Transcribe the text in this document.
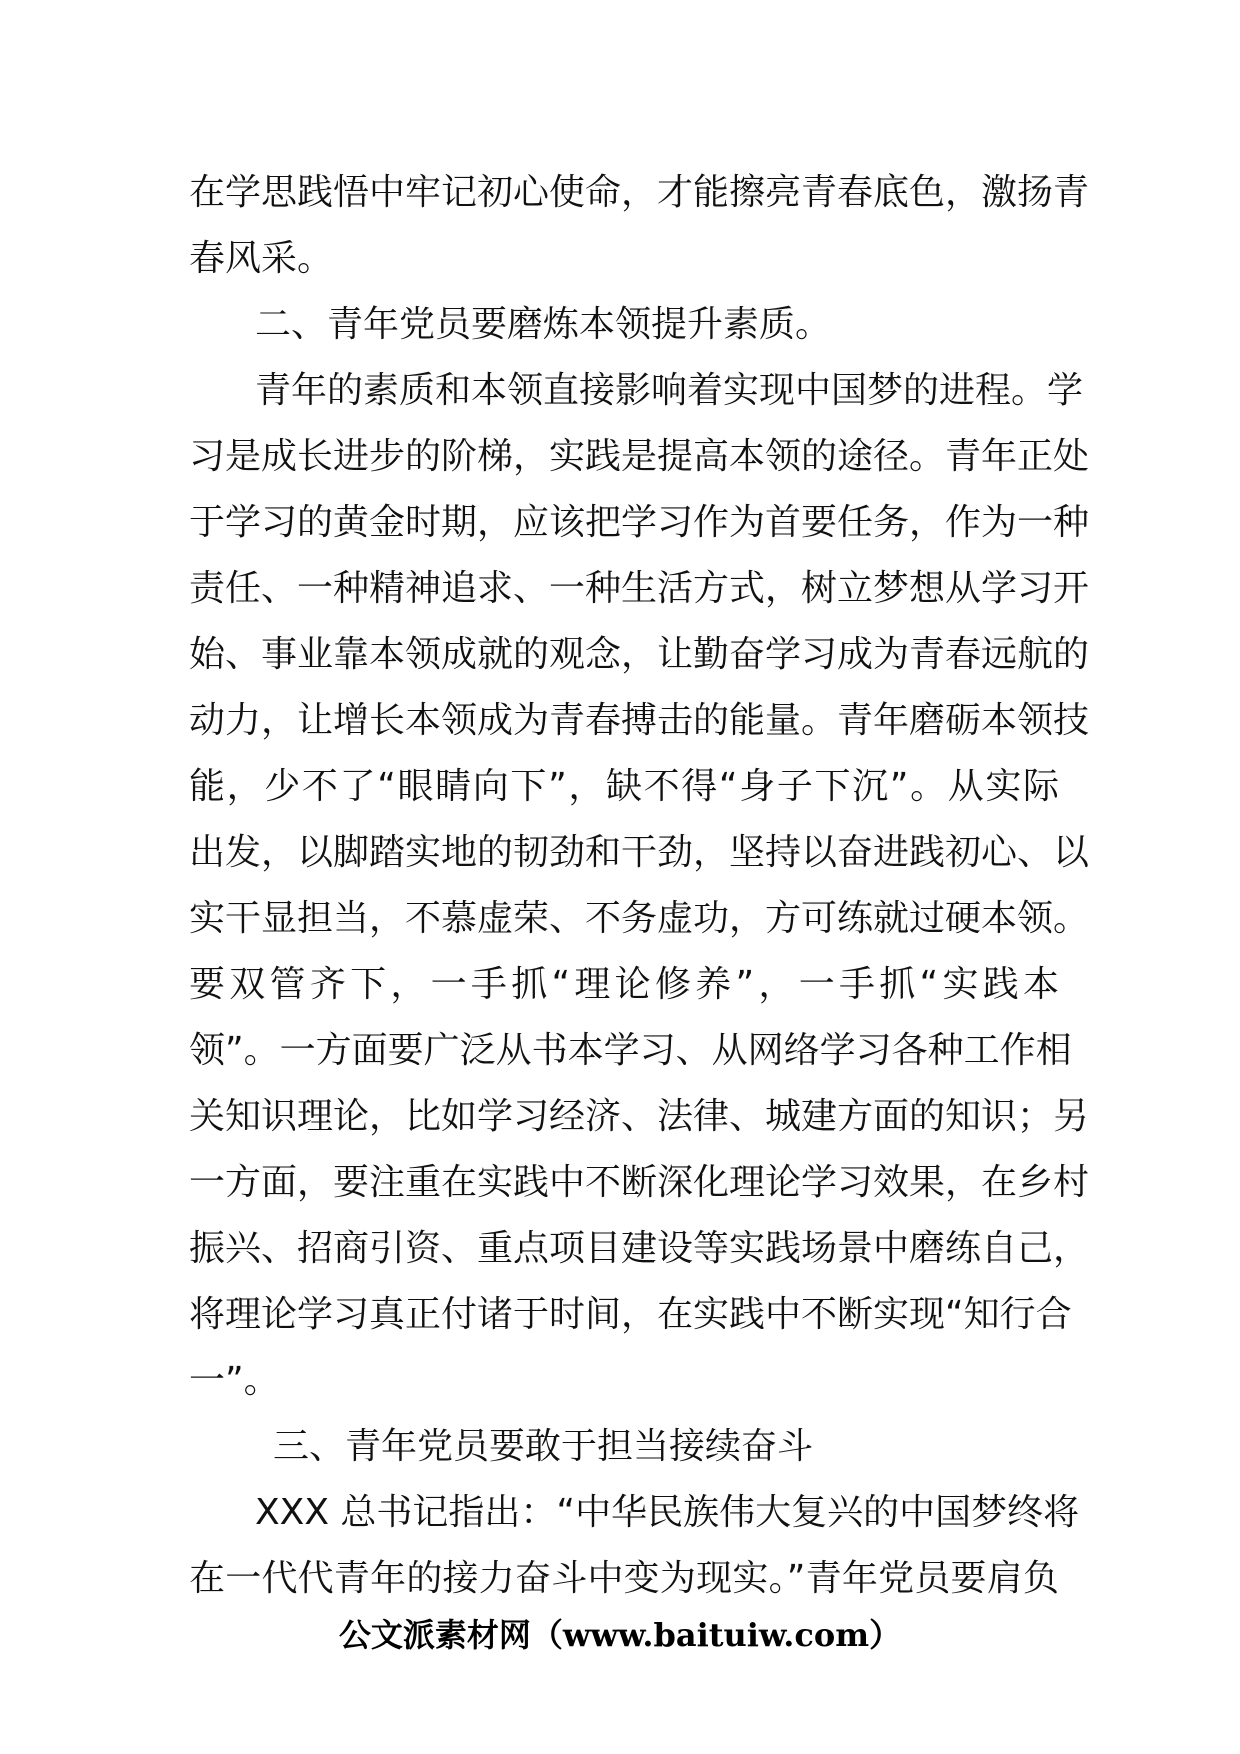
在学思践悟中牢记初心使命，才能擦亮青春底色，激扬青
春风采。
二、青年党员要磨炼本领提升素质。
青年的素质和本领直接影响着实现中国梦的进程。学
习是成长进步的阶梯，实践是提高本领的途径。青年正处
于学习的黄金时期，应该把学习作为首要任务，作为一种
责任、一种精神追求、一种生活方式，树立梦想从学习开
始、事业靠本领成就的观念，让勤奋学习成为青春远航的
动力，让增长本领成为青春搏击的能量。青年磨砺本领技
能，少不了“眼睛向下”，缺不得“身子下沉”。从实际
出发，以脚踏实地的韧劲和干劲，坚持以奋进践初心、以
实干显担当，不慕虚荣、不务虚功，方可练就过硬本领。
要双管齐下，一手抓“理论修养”，一手抓“实践本
领”。一方面要广泛从书本学习、从网络学习各种工作相
关知识理论，比如学习经济、法律、城建方面的知识；另
一方面，要注重在实践中不断深化理论学习效果，在乡村
振兴、招商引资、重点项目建设等实践场景中磨练自己，
将理论学习真正付诸于时间，在实践中不断实现“知行合
一”。
三、青年党员要敢于担当接续奋斗
XXX 总书记指出：“中华民族伟大复兴的中国梦终将
在一代代青年的接力奋斗中变为现实。”青年党员要肩负
公文派素材网（www.baituiw.com）
